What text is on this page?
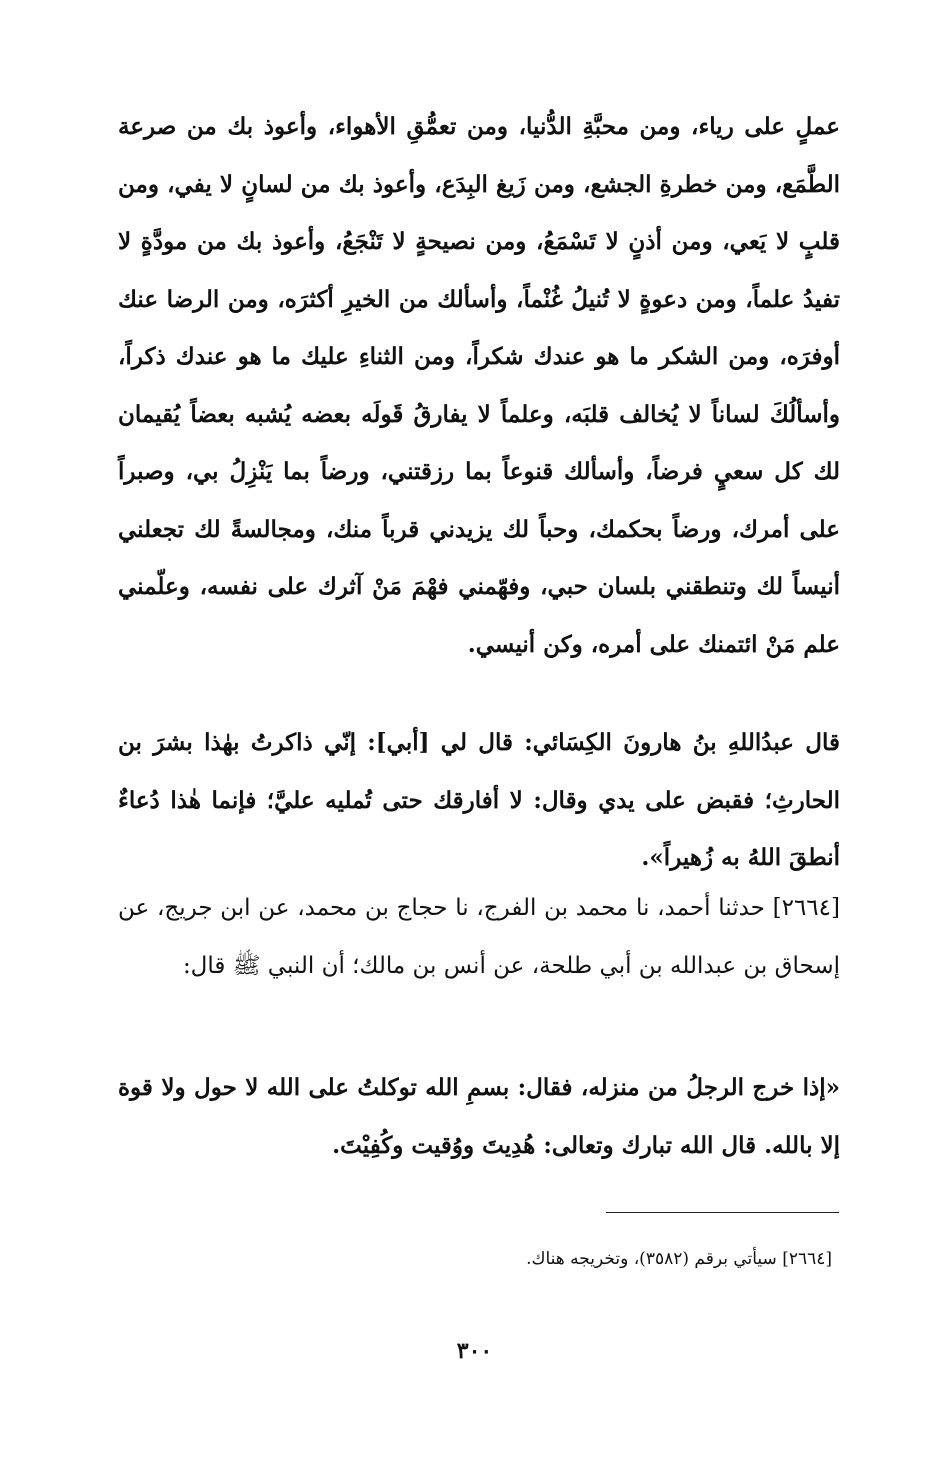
عملٍ على رياء، ومن محبَّةِ الدُّنيا، ومن تعمُّقِ الأهواء، وأعوذ بك من صرعة الطَّمَع، ومن خطرةِ الجشع، ومن زَيغ البِدَع، وأعوذ بك من لسانٍ لا يفي، ومن قلبٍ لا يَعي، ومن أذنٍ لا تَسْمَعُ، ومن نصيحةٍ لا تَنْجَعُ، وأعوذ بك من مودَّةٍ لا تفيدُ علماً، ومن دعوةٍ لا تُنيلُ غُنْماً، وأسألك من الخيرِ أكثرَه، ومن الرضا عنك أوفرَه، ومن الشكر ما هو عندك شكراً، ومن الثناءِ عليك ما هو عندك ذكراً، وأسألُكَ لساناً لا يُخالف قلبَه، وعلماً لا يفارقُ قَولَه بعضه يُشبه بعضاً يُقيمان لك كل سعيٍ فرضاً، وأسألك قنوعاً بما رزقتني، ورضاً بما يَنْزِلُ بي، وصبراً على أمرك، ورضاً بحكمك، وحباً لك يزيدني قرباً منك، ومجالسةً لك تجعلني أنيساً لك وتنطقني بلسان حبي، وفهّمني فهْمَ مَنْ آثرك على نفسه، وعلّمني علم مَنْ ائتمنك على أمره، وكن أنيسي.

قال عبدُاللهِ بنُ هارونَ الكِسَائي: قال لي [أبي]: إنّي ذاكرتُ بهٰذا بشرَ بن الحارثِ؛ فقبض على يدي وقال: لا أفارقك حتى تُمليه عليَّ؛ فإنما هٰذا دُعاءٌ أنطقَ اللهُ به زُهيراً».

[٢٦٦٤] حدثنا أحمد، نا محمد بن الفرج، نا حجاج بن محمد، عن ابن جريج، عن إسحاق بن عبدالله بن أبي طلحة، عن أنس بن مالك؛ أن النبي ﷺ قال:

«إذا خرج الرجلُ من منزله، فقال: بسمِ الله توكلتُ على الله لا حول ولا قوة إلا بالله. قال الله تبارك وتعالى: هُدِيتَ ووُقيت وكُفِيْتَ.

[٢٦٦٤] سيأتي برقم (٣٥٨٢)، وتخريجه هناك.

٣٠٠
